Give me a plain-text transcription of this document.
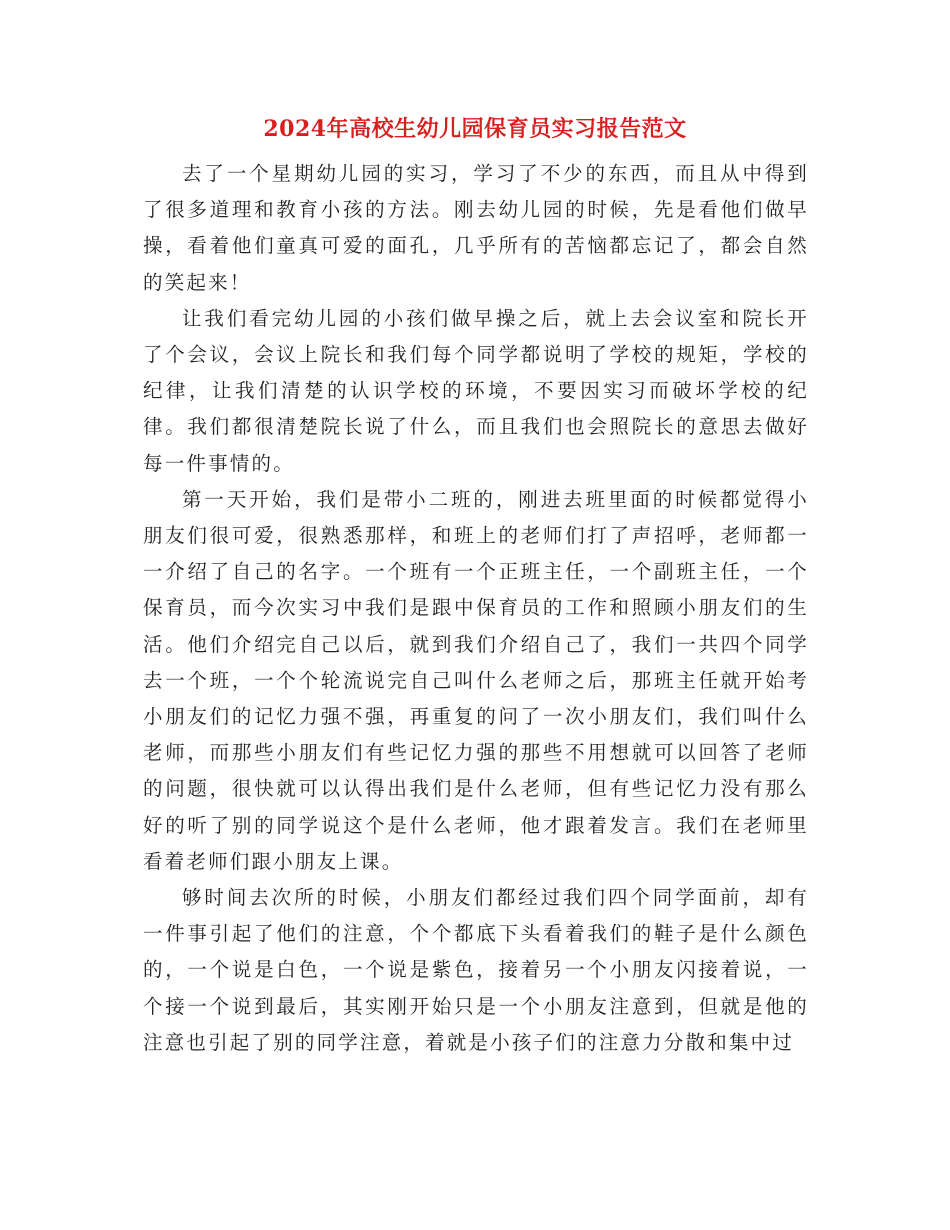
2024年高校生幼儿园保育员实习报告范文

去了一个星期幼儿园的实习，学习了不少的东西，而且从中得到了很多道理和教育小孩的方法。刚去幼儿园的时候，先是看他们做早操，看着他们童真可爱的面孔，几乎所有的苦恼都忘记了，都会自然的笑起来！

让我们看完幼儿园的小孩们做早操之后，就上去会议室和院长开了个会议，会议上院长和我们每个同学都说明了学校的规矩，学校的纪律，让我们清楚的认识学校的环境，不要因实习而破坏学校的纪律。我们都很清楚院长说了什么，而且我们也会照院长的意思去做好每一件事情的。

第一天开始，我们是带小二班的，刚进去班里面的时候都觉得小朋友们很可爱，很熟悉那样，和班上的老师们打了声招呼，老师都一一介绍了自己的名字。一个班有一个正班主任，一个副班主任，一个保育员，而今次实习中我们是跟中保育员的工作和照顾小朋友们的生活。他们介绍完自己以后，就到我们介绍自己了，我们一共四个同学去一个班，一个个轮流说完自己叫什么老师之后，那班主任就开始考小朋友们的记忆力强不强，再重复的问了一次小朋友们，我们叫什么老师，而那些小朋友们有些记忆力强的那些不用想就可以回答了老师的问题，很快就可以认得出我们是什么老师，但有些记忆力没有那么好的听了别的同学说这个是什么老师，他才跟着发言。我们在老师里看着老师们跟小朋友上课。

够时间去次所的时候，小朋友们都经过我们四个同学面前，却有一件事引起了他们的注意，个个都底下头看着我们的鞋子是什么颜色的，一个说是白色，一个说是紫色，接着另一个小朋友闪接着说，一个接一个说到最后，其实刚开始只是一个小朋友注意到，但就是他的注意也引起了别的同学注意，着就是小孩子们的注意力分散和集中过
